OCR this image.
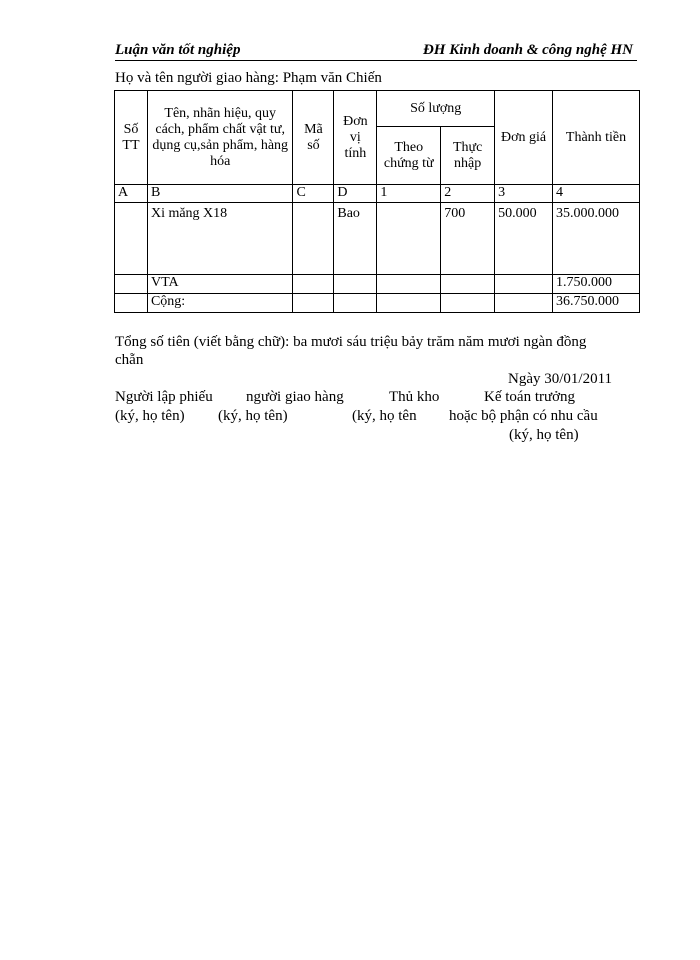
Luận văn tốt nghiệp	ĐH Kinh doanh & công nghệ HN
Họ và tên người giao hàng: Phạm văn Chiến
Số TT	Tên, nhãn hiệu, quy cách, phẩm chất vật tư, dụng cụ,sản phẩm, hàng hóa	Mã số	Đơn vị tính	Số lượng		Đơn giá	Thành tiền
				Theo chứng từ	Thực nhập		
A	B	C	D	1	2	3	4
	Xi măng X18		Bao		700	50.000	35.000.000
	VTA						1.750.000
	Cộng:						36.750.000
Tổng số tiên (viết bằng chữ): ba mươi sáu triệu bảy trăm năm mươi ngàn đồng chẵn
Ngày 30/01/2011
Người lập phiếu người giao hàng	Thủ kho	Kế toán trưởng
(ký, họ tên) (ký, họ tên)	(ký, họ tên hoặc bộ phận có nhu cầu
(ký, họ tên)
